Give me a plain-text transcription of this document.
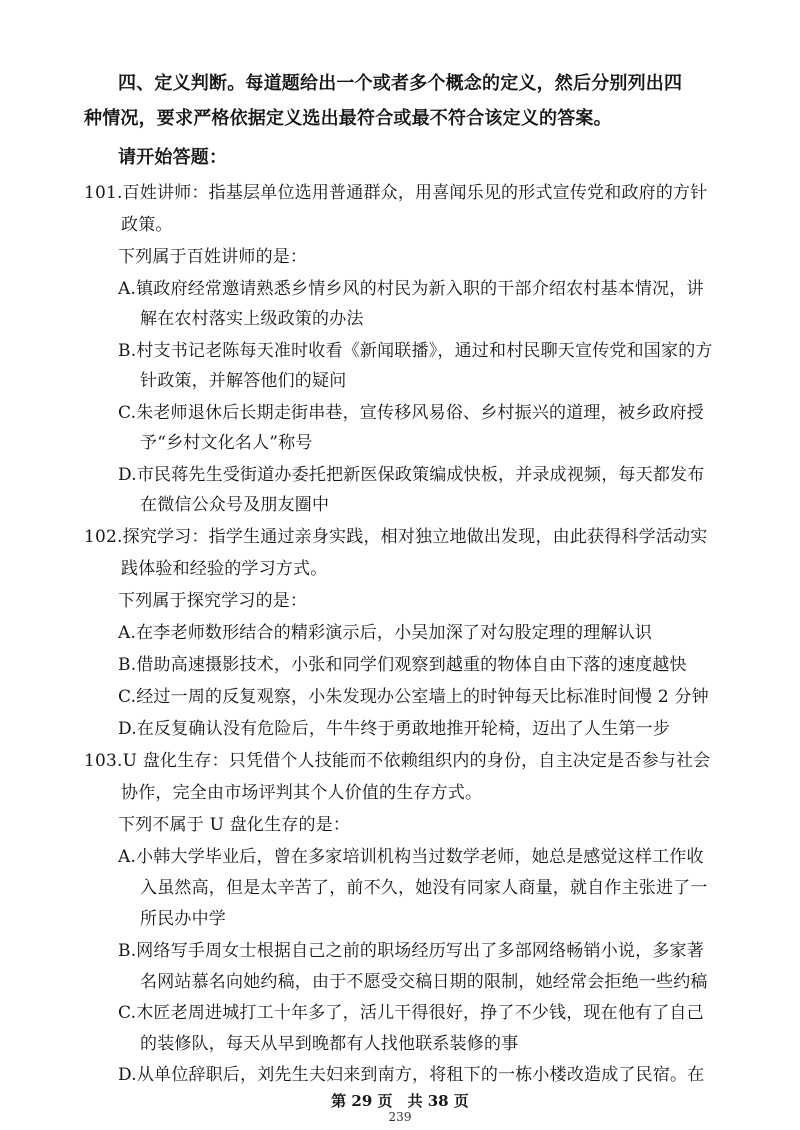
四、定义判断。每道题给出一个或者多个概念的定义，然后分别列出四
种情况，要求严格依据定义选出最符合或最不符合该定义的答案。
请开始答题：
101.百姓讲师：指基层单位选用普通群众，用喜闻乐见的形式宣传党和政府的方针
政策。
下列属于百姓讲师的是：
A.镇政府经常邀请熟悉乡情乡风的村民为新入职的干部介绍农村基本情况，讲
解在农村落实上级政策的办法
B.村支书记老陈每天准时收看《新闻联播》，通过和村民聊天宣传党和国家的方
针政策，并解答他们的疑问
C.朱老师退休后长期走街串巷，宣传移风易俗、乡村振兴的道理，被乡政府授
予“乡村文化名人”称号
D.市民蒋先生受街道办委托把新医保政策编成快板，并录成视频，每天都发布
在微信公众号及朋友圈中
102.探究学习：指学生通过亲身实践，相对独立地做出发现，由此获得科学活动实
践体验和经验的学习方式。
下列属于探究学习的是：
A.在李老师数形结合的精彩演示后，小吴加深了对勾股定理的理解认识
B.借助高速摄影技术，小张和同学们观察到越重的物体自由下落的速度越快
C.经过一周的反复观察，小朱发现办公室墙上的时钟每天比标准时间慢 2 分钟
D.在反复确认没有危险后，牛牛终于勇敢地推开轮椅，迈出了人生第一步
103.U 盘化生存：只凭借个人技能而不依赖组织内的身份，自主决定是否参与社会
协作，完全由市场评判其个人价值的生存方式。
下列不属于 U 盘化生存的是：
A.小韩大学毕业后，曾在多家培训机构当过数学老师，她总是感觉这样工作收
入虽然高，但是太辛苦了，前不久，她没有同家人商量，就自作主张进了一
所民办中学
B.网络写手周女士根据自己之前的职场经历写出了多部网络畅销小说，多家著
名网站慕名向她约稿，由于不愿受交稿日期的限制，她经常会拒绝一些约稿
C.木匠老周进城打工十年多了，活儿干得很好，挣了不少钱，现在他有了自己
的装修队，每天从早到晚都有人找他联系装修的事
D.从单位辞职后，刘先生夫妇来到南方，将租下的一栋小楼改造成了民宿。在
第 29 页　共 38 页
239
